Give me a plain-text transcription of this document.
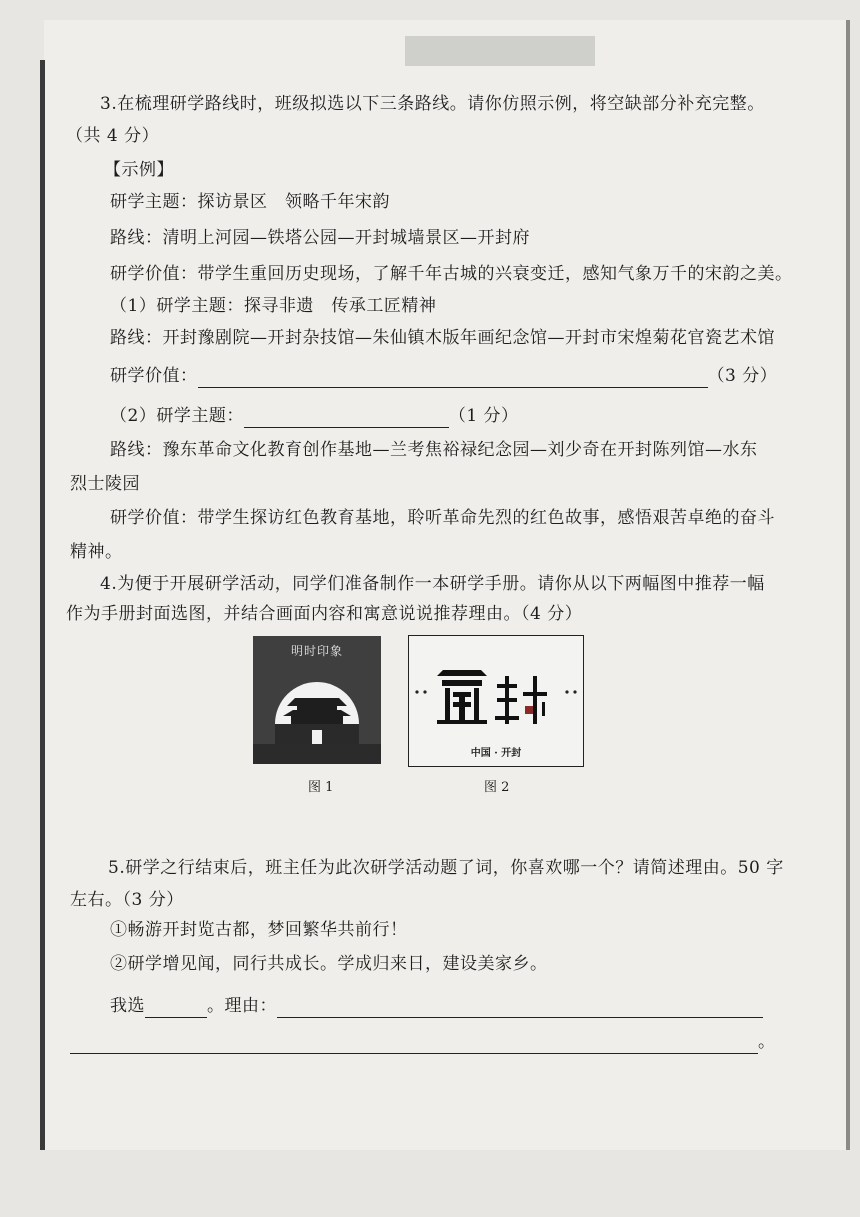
3.在梳理研学路线时，班级拟选以下三条路线。请你仿照示例，将空缺部分补充完整。
（共 4 分）
【示例】
研学主题：探访景区　领略千年宋韵
路线：清明上河园—铁塔公园—开封城墙景区—开封府
研学价值：带学生重回历史现场，了解千年古城的兴衰变迁，感知气象万千的宋韵之美。
（1）研学主题：探寻非遗　传承工匠精神
路线：开封豫剧院—开封杂技馆—朱仙镇木版年画纪念馆—开封市宋煌菊花官瓷艺术馆
研学价值：	（3 分）
（2）研学主题：	（1 分）
路线：豫东革命文化教育创作基地—兰考焦裕禄纪念园—刘少奇在开封陈列馆—水东
烈士陵园
研学价值：带学生探访红色教育基地，聆听革命先烈的红色故事，感悟艰苦卓绝的奋斗
精神。
4.为便于开展研学活动，同学们准备制作一本研学手册。请你从以下两幅图中推荐一幅
作为手册封面选图，并结合画面内容和寓意说说推荐理由。（4 分）
明时印象
图 1
中国 · 开封
图 2
5.研学之行结束后，班主任为此次研学活动题了词，你喜欢哪一个？请简述理由。50 字
左右。（3 分）
①畅游开封览古都，梦回繁华共前行！
②研学增见闻，同行共成长。学成归来日，建设美家乡。
我选	。理由：
。
